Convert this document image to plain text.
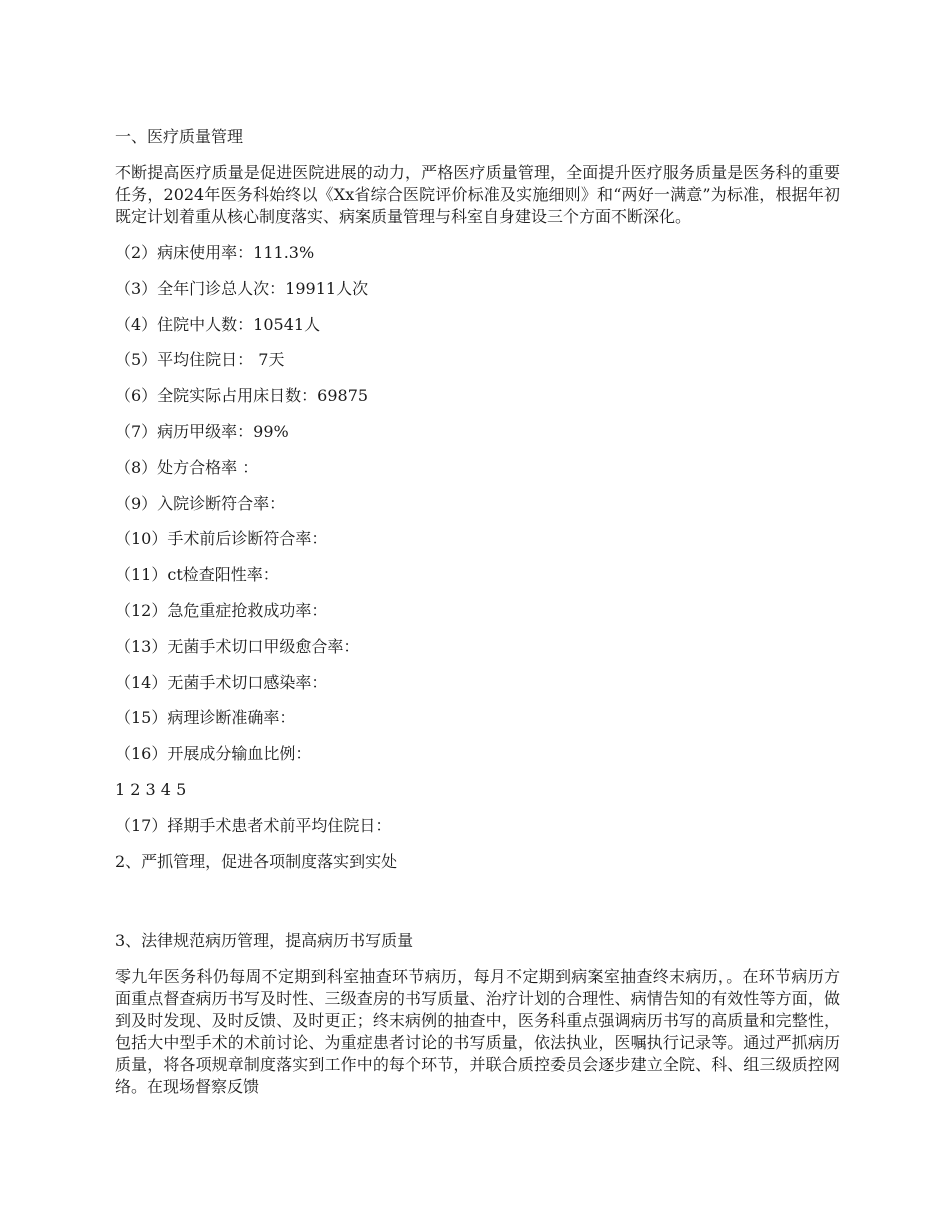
一、医疗质量管理
不断提高医疗质量是促进医院进展的动力，严格医疗质量管理，全面提升医疗服务质量是医务科的重要任务，2024年医务科始终以《Xx省综合医院评价标准及实施细则》和“两好一满意”为标准，根据年初既定计划着重从核心制度落实、病案质量管理与科室自身建设三个方面不断深化。
（2）病床使用率：111.3%
（3）全年门诊总人次：19911人次
（4）住院中人数：10541人
（5）平均住院日： 7天
（6）全院实际占用床日数：69875
（7）病历甲级率：99%
（8）处方合格率 ：
（9）入院诊断符合率：
（10）手术前后诊断符合率：
（11）ct检查阳性率：
（12）急危重症抢救成功率：
（13）无菌手术切口甲级愈合率：
（14）无菌手术切口感染率：
（15）病理诊断准确率：
（16）开展成分输血比例：
1 2 3 4 5
（17）择期手术患者术前平均住院日：
2、严抓管理，促进各项制度落实到实处
3、法律规范病历管理，提高病历书写质量
零九年医务科仍每周不定期到科室抽查环节病历，每月不定期到病案室抽查终末病历，。在环节病历方面重点督查病历书写及时性、三级查房的书写质量、治疗计划的合理性、病情告知的有效性等方面，做到及时发现、及时反馈、及时更正；终末病例的抽查中，医务科重点强调病历书写的高质量和完整性，包括大中型手术的术前讨论、为重症患者讨论的书写质量，依法执业，医嘱执行记录等。通过严抓病历质量，将各项规章制度落实到工作中的每个环节，并联合质控委员会逐步建立全院、科、组三级质控网络。在现场督察反馈
